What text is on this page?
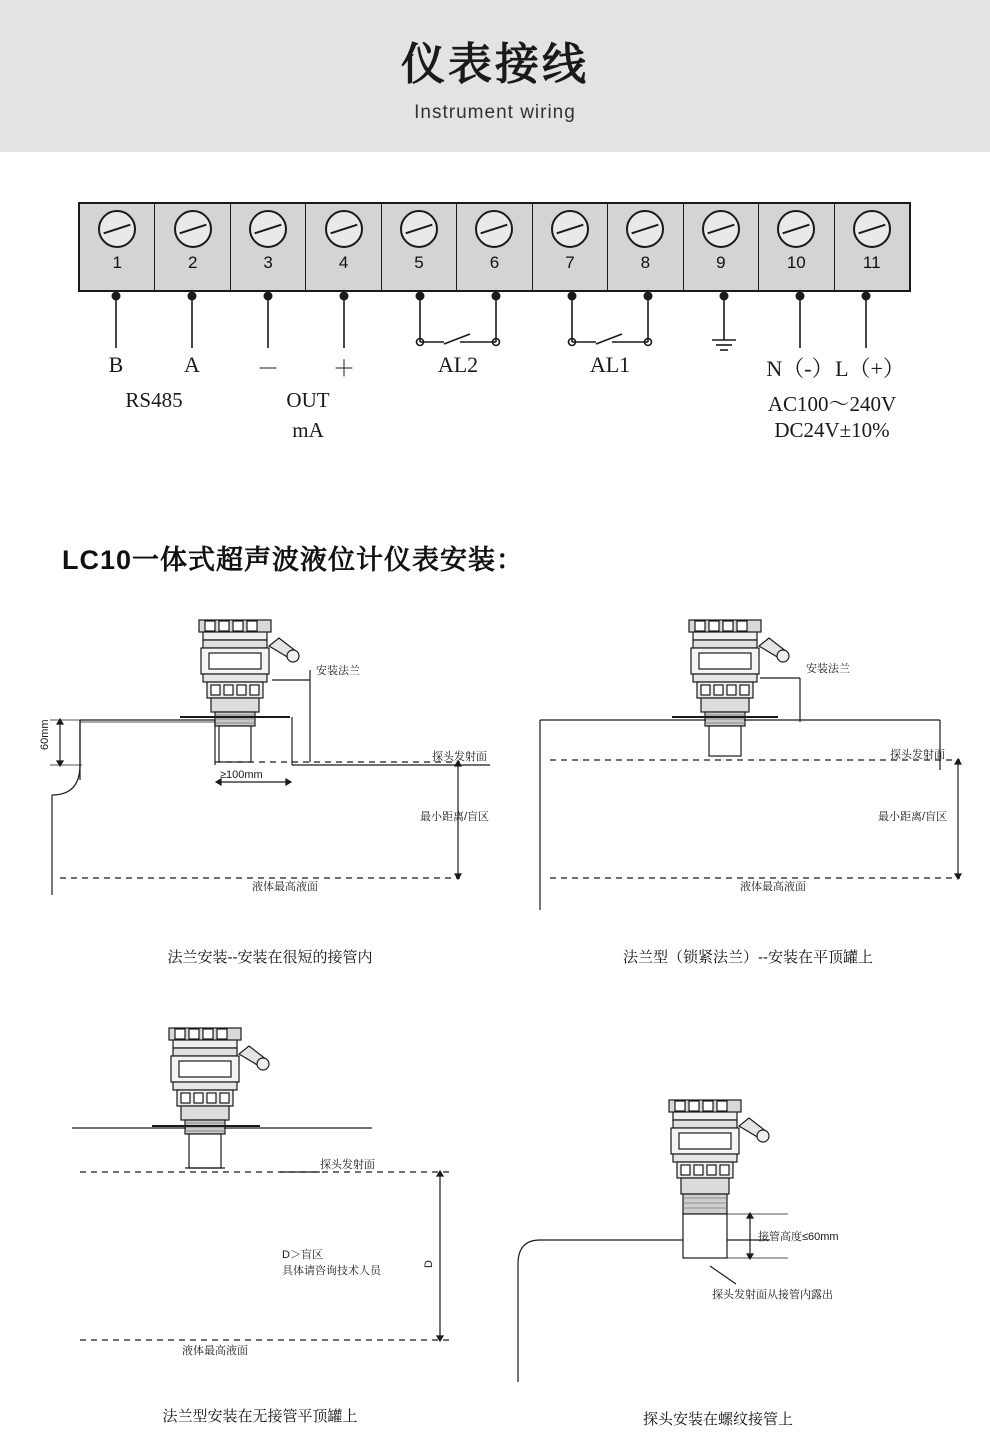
仪表接线
Instrument wiring
1	2	3	4	5	6	7	8	9	10	11
B	A	－ ＋	AL2	AL1	N（-） L（+）
RS485	OUT
mA
AC100～240V
DC24V±10%
LC10一体式超声波液位计仪表安装：
安装法兰
探头发射面
最小距离/盲区
液体最高液面
≥100mm
60mm
法兰安装--安装在很短的接管内
安装法兰
探头发射面
最小距离/盲区
液体最高液面
法兰型（锁紧法兰）--安装在平顶罐上
探头发射面
D＞盲区
具体请咨询技术人员
D
液体最高液面
法兰型安装在无接管平顶罐上
接管高度≤60mm
探头发射面从接管内露出
探头安装在螺纹接管上
